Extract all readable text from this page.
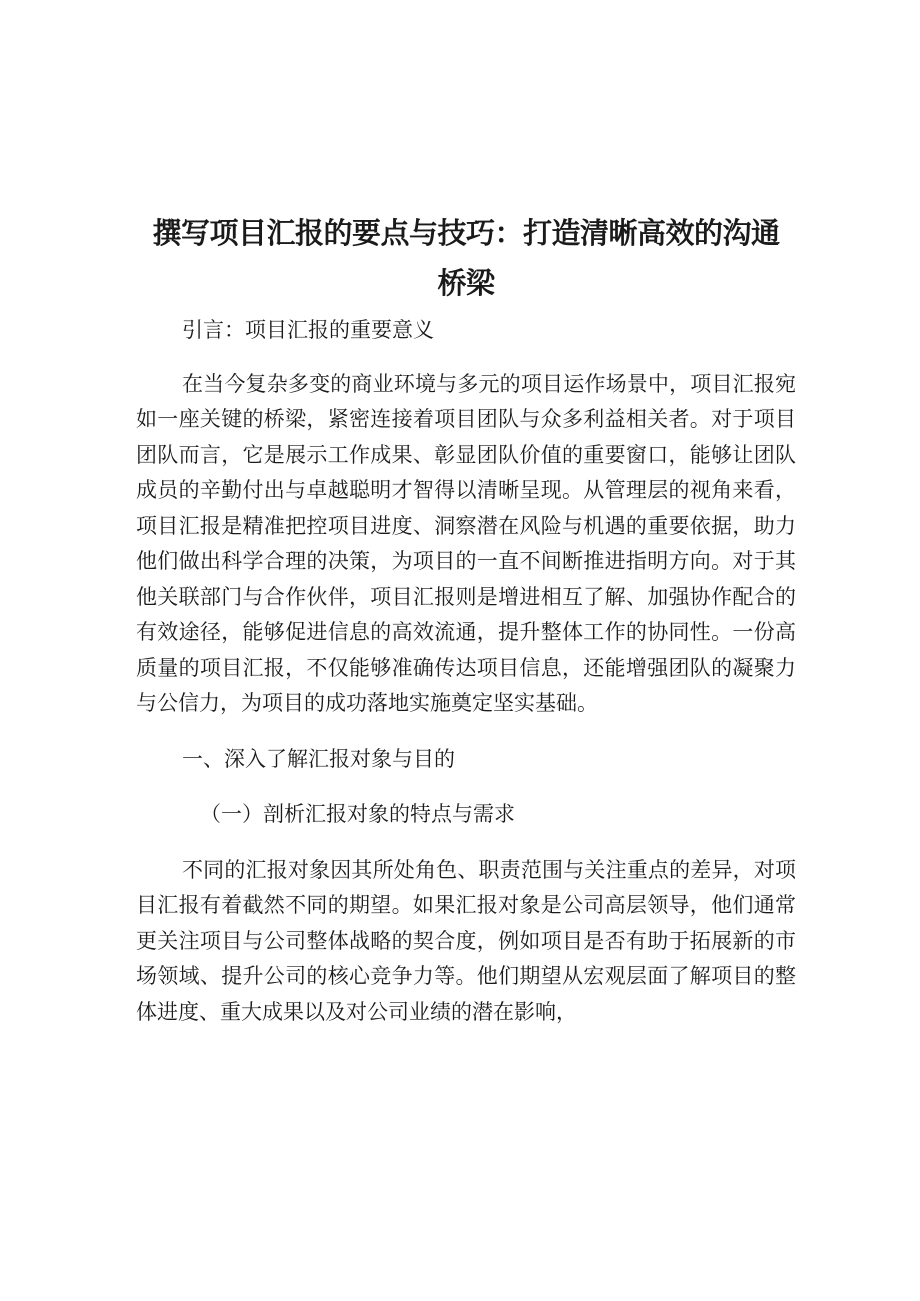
撰写项目汇报的要点与技巧：打造清晰高效的沟通桥梁

引言：项目汇报的重要意义

在当今复杂多变的商业环境与多元的项目运作场景中，项目汇报宛如一座关键的桥梁，紧密连接着项目团队与众多利益相关者。对于项目团队而言，它是展示工作成果、彰显团队价值的重要窗口，能够让团队成员的辛勤付出与卓越聪明才智得以清晰呈现。从管理层的视角来看，项目汇报是精准把控项目进度、洞察潜在风险与机遇的重要依据，助力他们做出科学合理的决策，为项目的一直不间断推进指明方向。对于其他关联部门与合作伙伴，项目汇报则是增进相互了解、加强协作配合的有效途径，能够促进信息的高效流通，提升整体工作的协同性。一份高质量的项目汇报，不仅能够准确传达项目信息，还能增强团队的凝聚力与公信力，为项目的成功落地实施奠定坚实基础。

一、深入了解汇报对象与目的

（一）剖析汇报对象的特点与需求

不同的汇报对象因其所处角色、职责范围与关注重点的差异，对项目汇报有着截然不同的期望。如果汇报对象是公司高层领导，他们通常更关注项目与公司整体战略的契合度，例如项目是否有助于拓展新的市场领域、提升公司的核心竞争力等。他们期望从宏观层面了解项目的整体进度、重大成果以及对公司业绩的潜在影响，
